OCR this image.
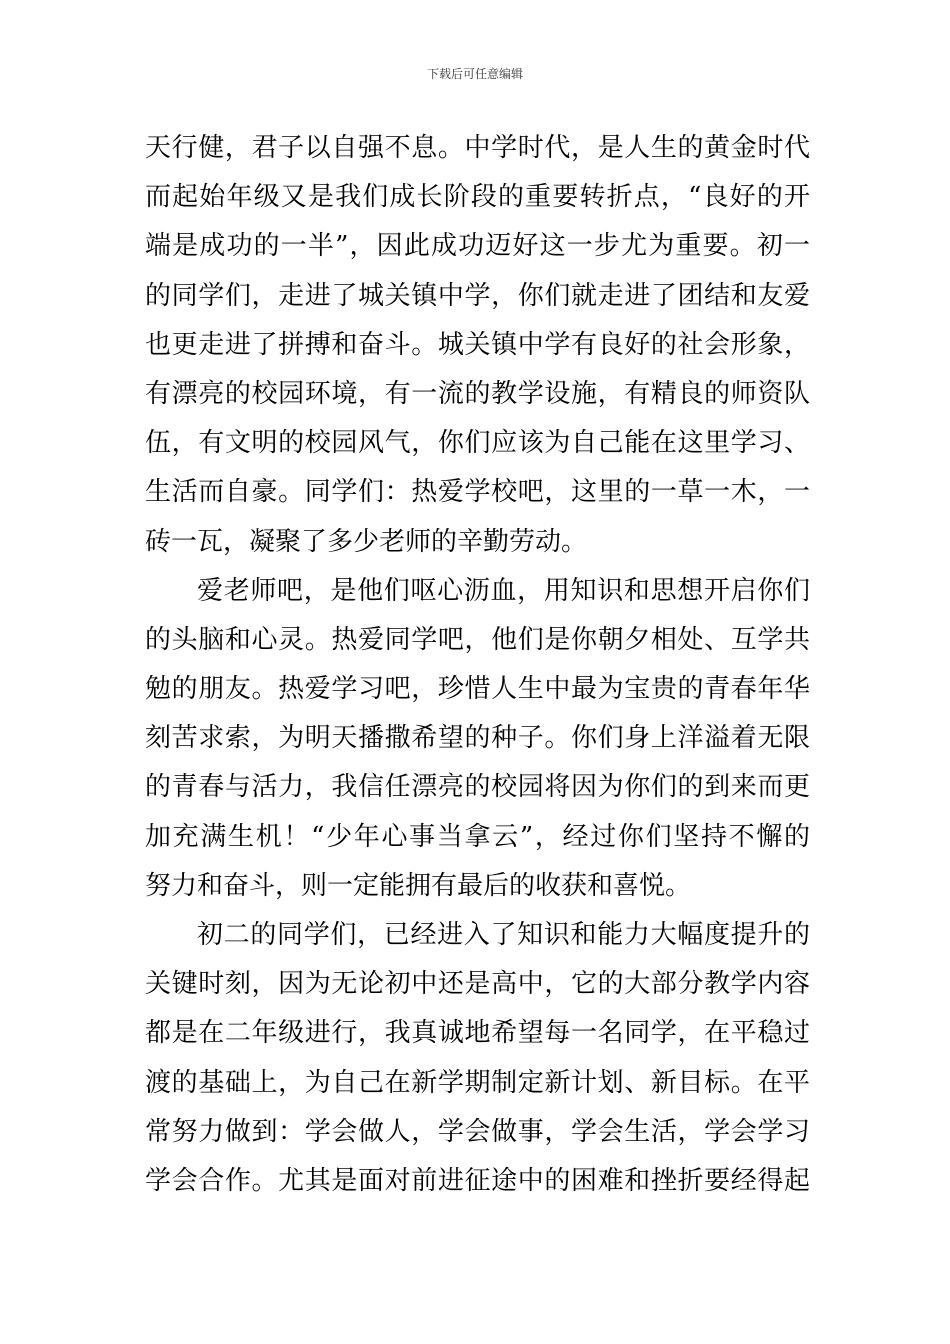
下载后可任意编辑
天行健，君子以自强不息。中学时代，是人生的黄金时代
而起始年级又是我们成长阶段的重要转折点，“良好的开
端是成功的一半”，因此成功迈好这一步尤为重要。初一
的同学们，走进了城关镇中学，你们就走进了团结和友爱
也更走进了拼搏和奋斗。城关镇中学有良好的社会形象，
有漂亮的校园环境，有一流的教学设施，有精良的师资队
伍，有文明的校园风气，你们应该为自己能在这里学习、
生活而自豪。同学们：热爱学校吧，这里的一草一木，一
砖一瓦，凝聚了多少老师的辛勤劳动。
爱老师吧，是他们呕心沥血，用知识和思想开启你们
的头脑和心灵。热爱同学吧，他们是你朝夕相处、互学共
勉的朋友。热爱学习吧，珍惜人生中最为宝贵的青春年华
刻苦求索，为明天播撒希望的种子。你们身上洋溢着无限
的青春与活力，我信任漂亮的校园将因为你们的到来而更
加充满生机！“少年心事当拿云”，经过你们坚持不懈的
努力和奋斗，则一定能拥有最后的收获和喜悦。
初二的同学们，已经进入了知识和能力大幅度提升的
关键时刻，因为无论初中还是高中，它的大部分教学内容
都是在二年级进行，我真诚地希望每一名同学，在平稳过
渡的基础上，为自己在新学期制定新计划、新目标。在平
常努力做到：学会做人，学会做事，学会生活，学会学习
学会合作。尤其是面对前进征途中的困难和挫折要经得起
